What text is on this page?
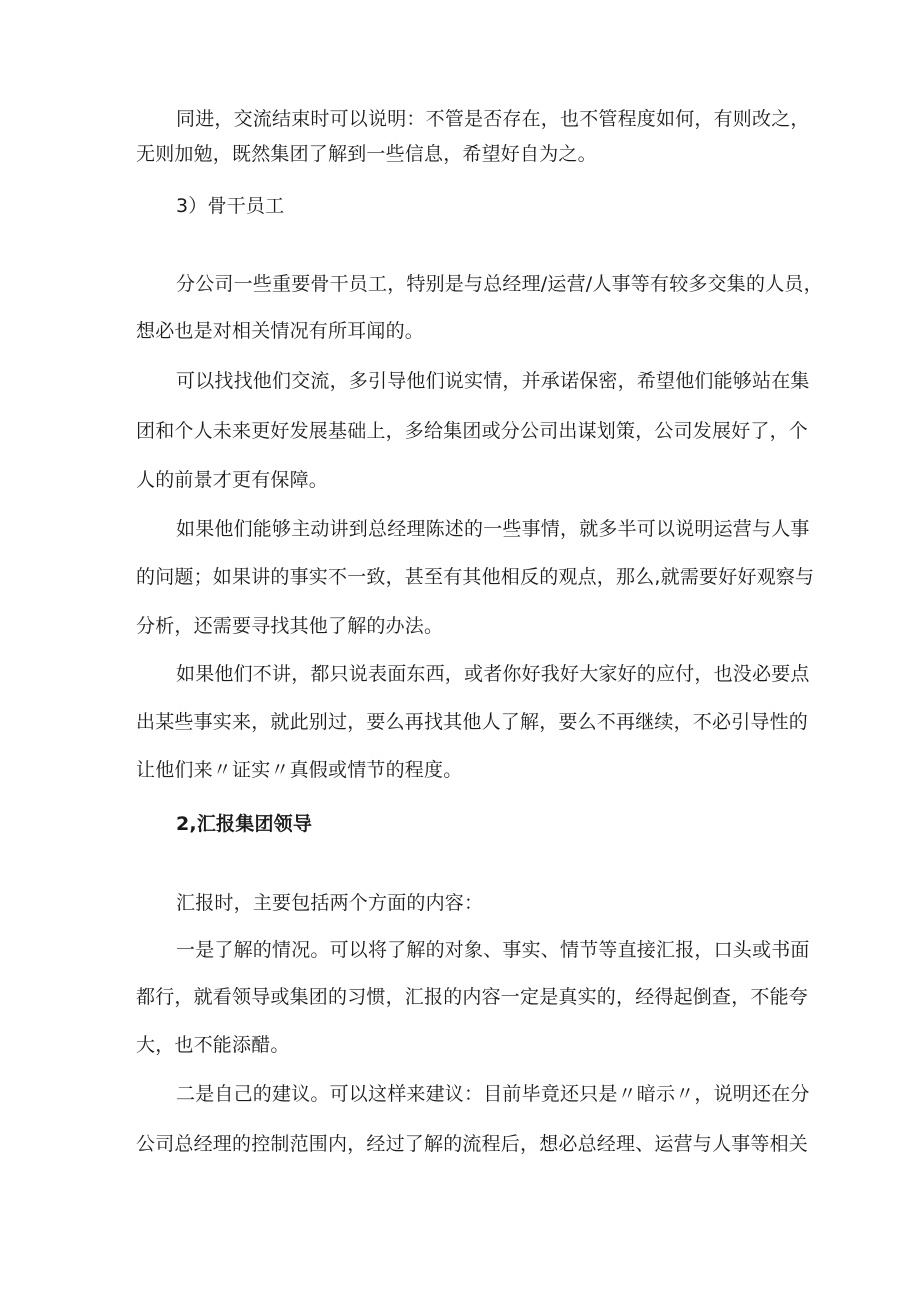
同进，交流结束时可以说明：不管是否存在，也不管程度如何，有则改之，
无则加勉，既然集团了解到一些信息，希望好自为之。
3）骨干员工
分公司一些重要骨干员工，特别是与总经理/运营/人事等有较多交集的人员，
想必也是对相关情况有所耳闻的。
可以找找他们交流，多引导他们说实情，并承诺保密，希望他们能够站在集
团和个人未来更好发展基础上，多给集团或分公司出谋划策，公司发展好了，个
人的前景才更有保障。
如果他们能够主动讲到总经理陈述的一些事情，就多半可以说明运营与人事
的问题；如果讲的事实不一致，甚至有其他相反的观点，那么,就需要好好观察与
分析，还需要寻找其他了解的办法。
如果他们不讲，都只说表面东西，或者你好我好大家好的应付，也没必要点
出某些事实来，就此别过，要么再找其他人了解，要么不再继续，不必引导性的
让他们来〃证实〃真假或情节的程度。
2,汇报集团领导
汇报时，主要包括两个方面的内容：
一是了解的情况。可以将了解的对象、事实、情节等直接汇报，口头或书面
都行，就看领导或集团的习惯，汇报的内容一定是真实的，经得起倒查，不能夸
大，也不能添醋。
二是自己的建议。可以这样来建议：目前毕竟还只是〃暗示〃，说明还在分
公司总经理的控制范围内，经过了解的流程后，想必总经理、运营与人事等相关
